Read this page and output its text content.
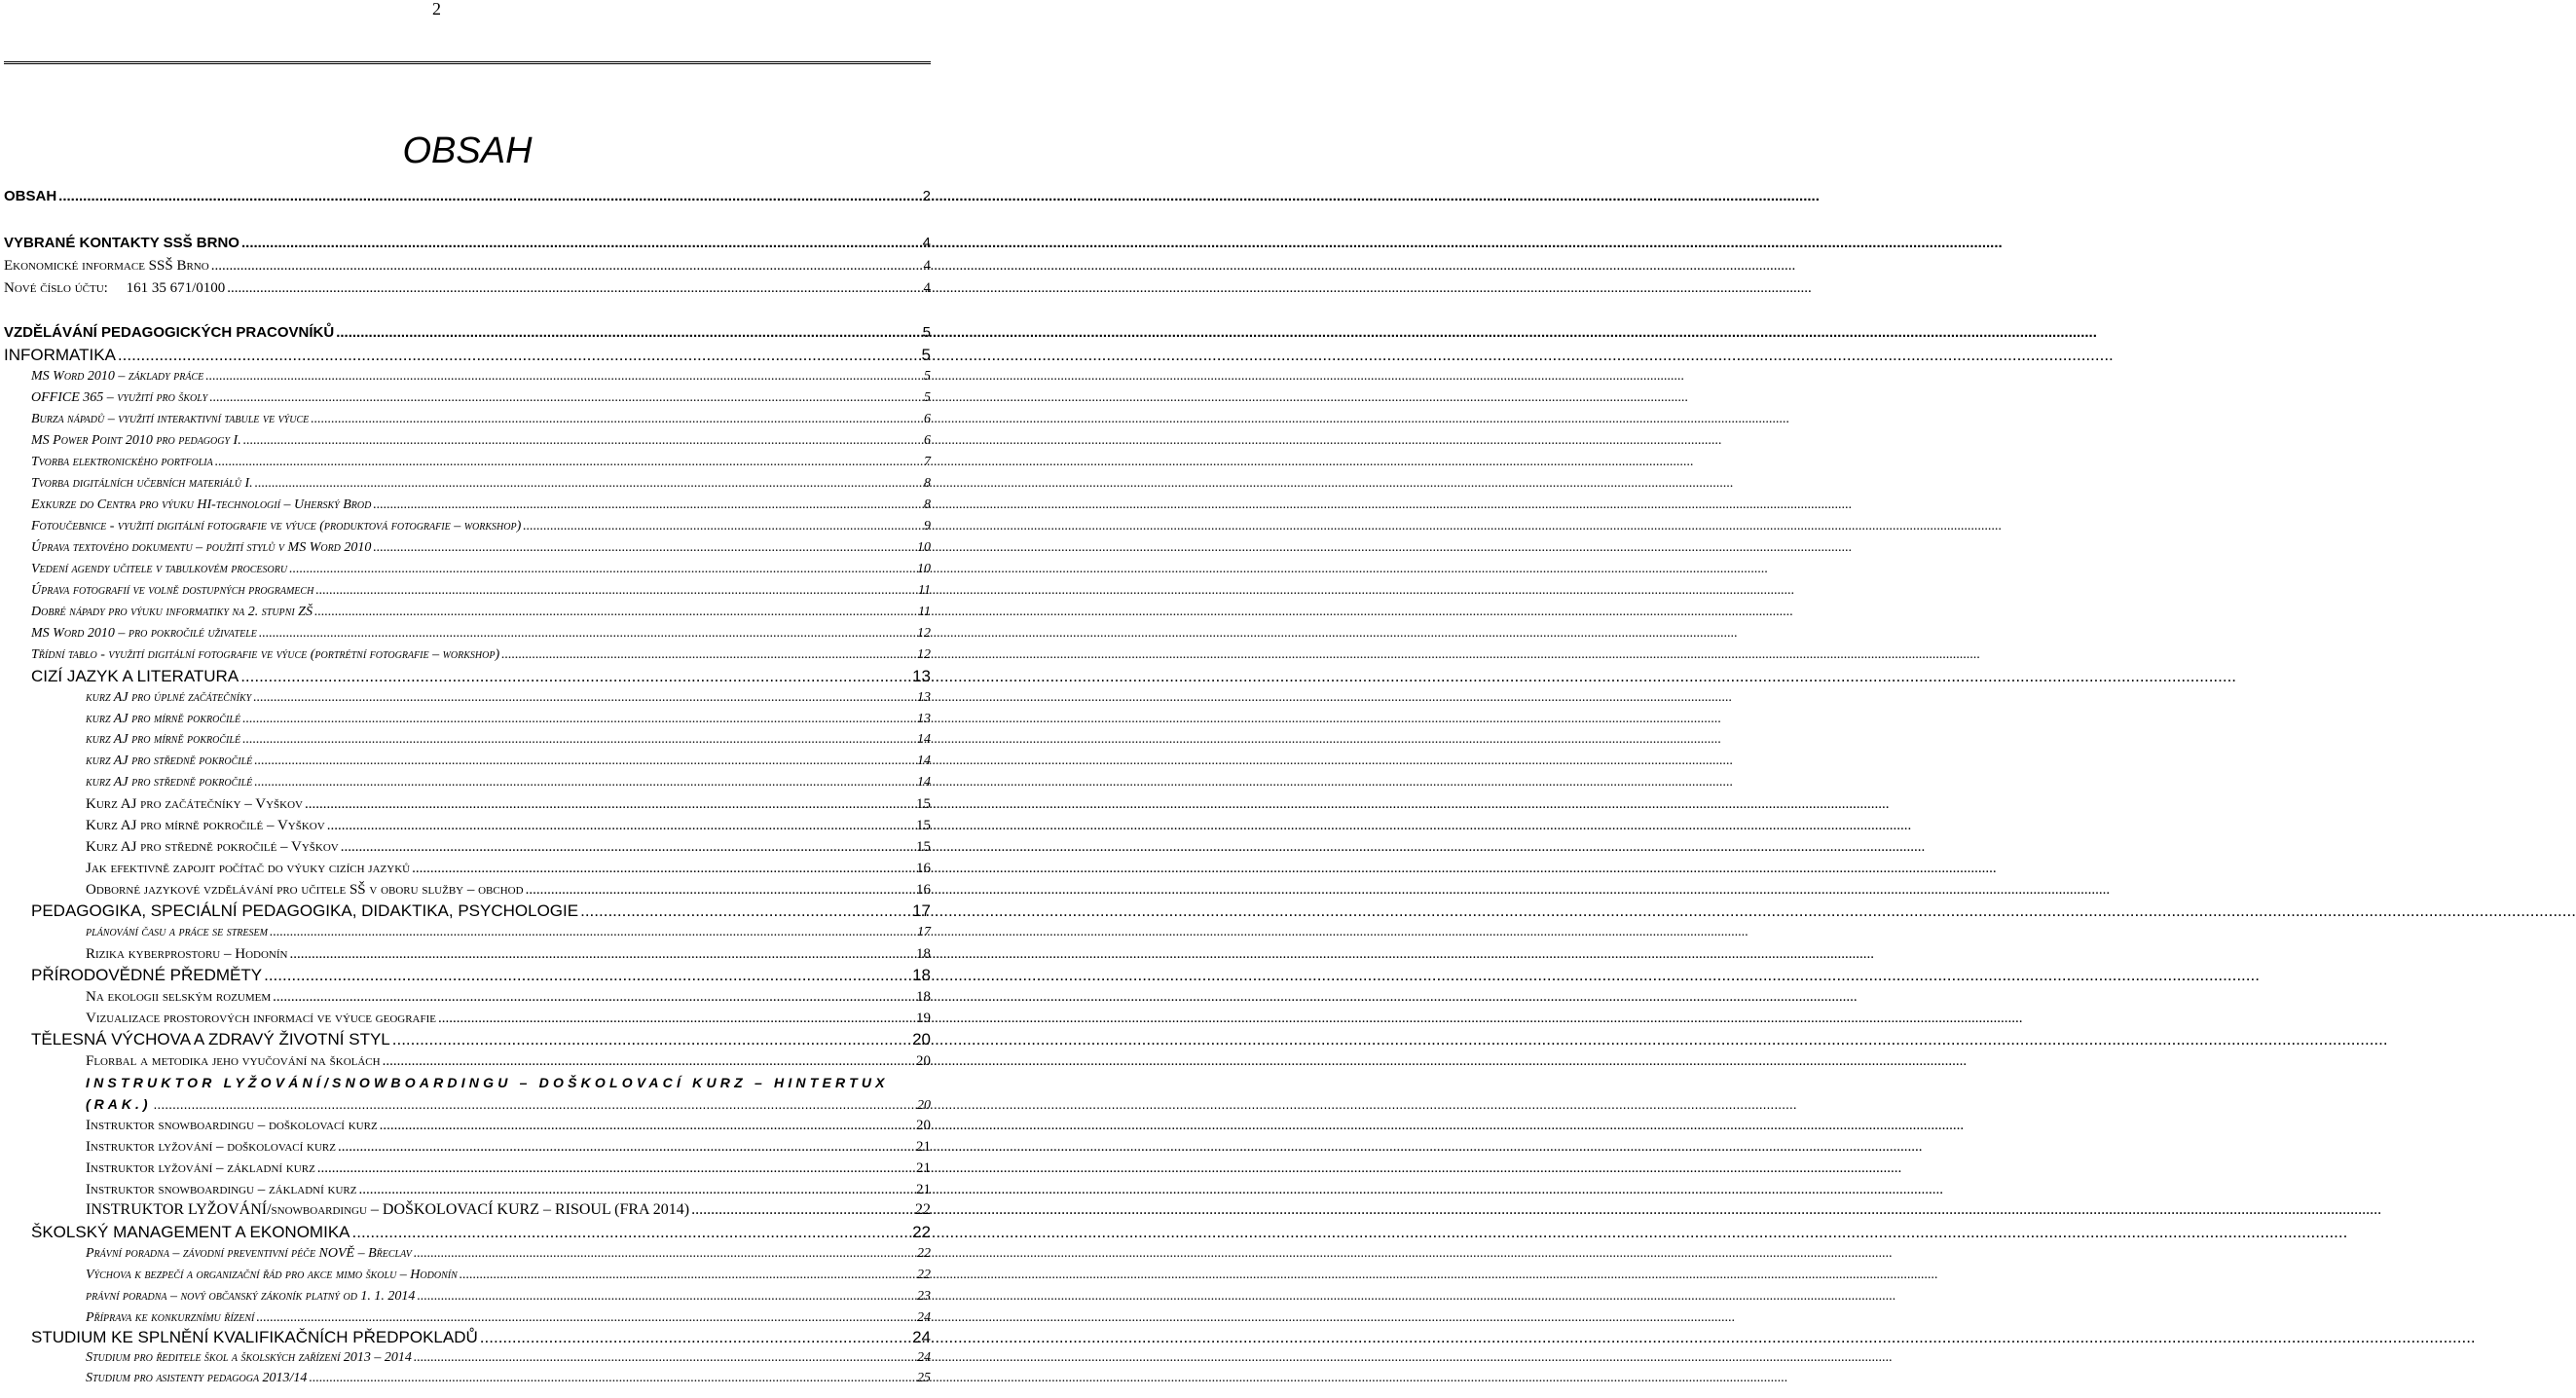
2
OBSAH
OBSAH .....	2
VYBRANÉ KONTAKTY SSŠ BRNO .....	4
Ekonomické informace SSŠ Brno .....	4
Nové číslo účtu:     161 35 671/0100 .....	4
VZDĚLÁVÁNÍ PEDAGOGICKÝCH PRACOVNÍKŮ .....	5
INFORMATIKA .....	5
MS Word 2010 – základy práce .....	5
OFFICE 365 – využití pro školy .....	5
Burza nápadů – využití interaktivní tabule ve výuce .....	6
MS Power Point 2010 pro pedagogy I. .....	6
Tvorba elektronického portfolia .....	7
Tvorba digitálních učebních materiálů I. .....	8
Exkurze do Centra pro výuku HI-technologií – Uherský Brod .....	8
Fotoučebnice - využití digitální fotografie ve výuce (produktová fotografie – workshop) .....	9
Úprava textového dokumentu – použití stylů v MS Word 2010 .....	10
Vedení agendy učitele v tabulkovém procesoru .....	10
Úprava fotografií ve volně dostupných programech .....	11
Dobré nápady pro výuku informatiky na 2. stupni ZŠ .....	11
MS Word 2010 – pro pokročilé uživatele .....	12
Třídní tablo - využití digitální fotografie ve výuce (portrétní fotografie – workshop) .....	12
CIZÍ JAZYK A LITERATURA .....	13
kurz AJ pro úplné začátečníky .....	13
kurz AJ pro mírně pokročilé .....	13
kurz AJ pro mírně pokročilé .....	14
kurz AJ pro středně pokročilé .....	14
kurz AJ pro středně pokročilé .....	14
Kurz AJ pro začátečníky – Vyškov .....	15
Kurz AJ pro mírně pokročilé – Vyškov .....	15
Kurz AJ pro středně pokročilé – Vyškov .....	15
Jak efektivně zapojit počítač do výuky cizích jazyků .....	16
Odborné jazykové vzdělávání pro učitele SŠ v oboru služby – obchod .....	16
PEDAGOGIKA, SPECIÁLNÍ PEDAGOGIKA, DIDAKTIKA, PSYCHOLOGIE .....	17
plánování času a práce se stresem .....	17
Rizika kyberprostoru – Hodonín .....	18
PŘÍRODOVĚDNÉ PŘEDMĚTY .....	18
Na ekologii selským rozumem .....	18
Vizualizace prostorových informací ve výuce geografie .....	19
TĚLESNÁ VÝCHOVA A ZDRAVÝ ŽIVOTNÍ STYL .....	20
Florbal a metodika jeho vyučování na školách .....	20
INSTRUKTOR LYŽOVÁNÍ/SNOWBOARDINGU – DOŠKOLOVACÍ KURZ – HINTERTUX
(RAK.) .....	20
Instruktor snowboardingu – doškolovací kurz .....	20
Instruktor lyžování – doškolovací kurz .....	21
Instruktor lyžování – základní kurz .....	21
Instruktor snowboardingu – základní kurz .....	21
INSTRUKTOR LYŽOVÁNÍ/snowboardingu – DOŠKOLOVACÍ KURZ – RISOUL (FRA 2014) .....	22
ŠKOLSKÝ MANAGEMENT A EKONOMIKA .....	22
Právní poradna – závodní preventivní péče NOVĚ – Břeclav .....	22
Výchova k bezpečí a organizační řád pro akce mimo školu – Hodonín .....	22
právní poradna – nový občanský zákoník platný od 1. 1. 2014 .....	23
Příprava ke konkurznímu řízení .....	24
STUDIUM KE SPLNĚNÍ KVALIFIKAČNÍCH PŘEDPOKLADŮ .....	24
Studium pro ředitele škol a školských zařízení 2013 – 2014 .....	24
Studium pro asistenty pedagoga 2013/14 .....	25
